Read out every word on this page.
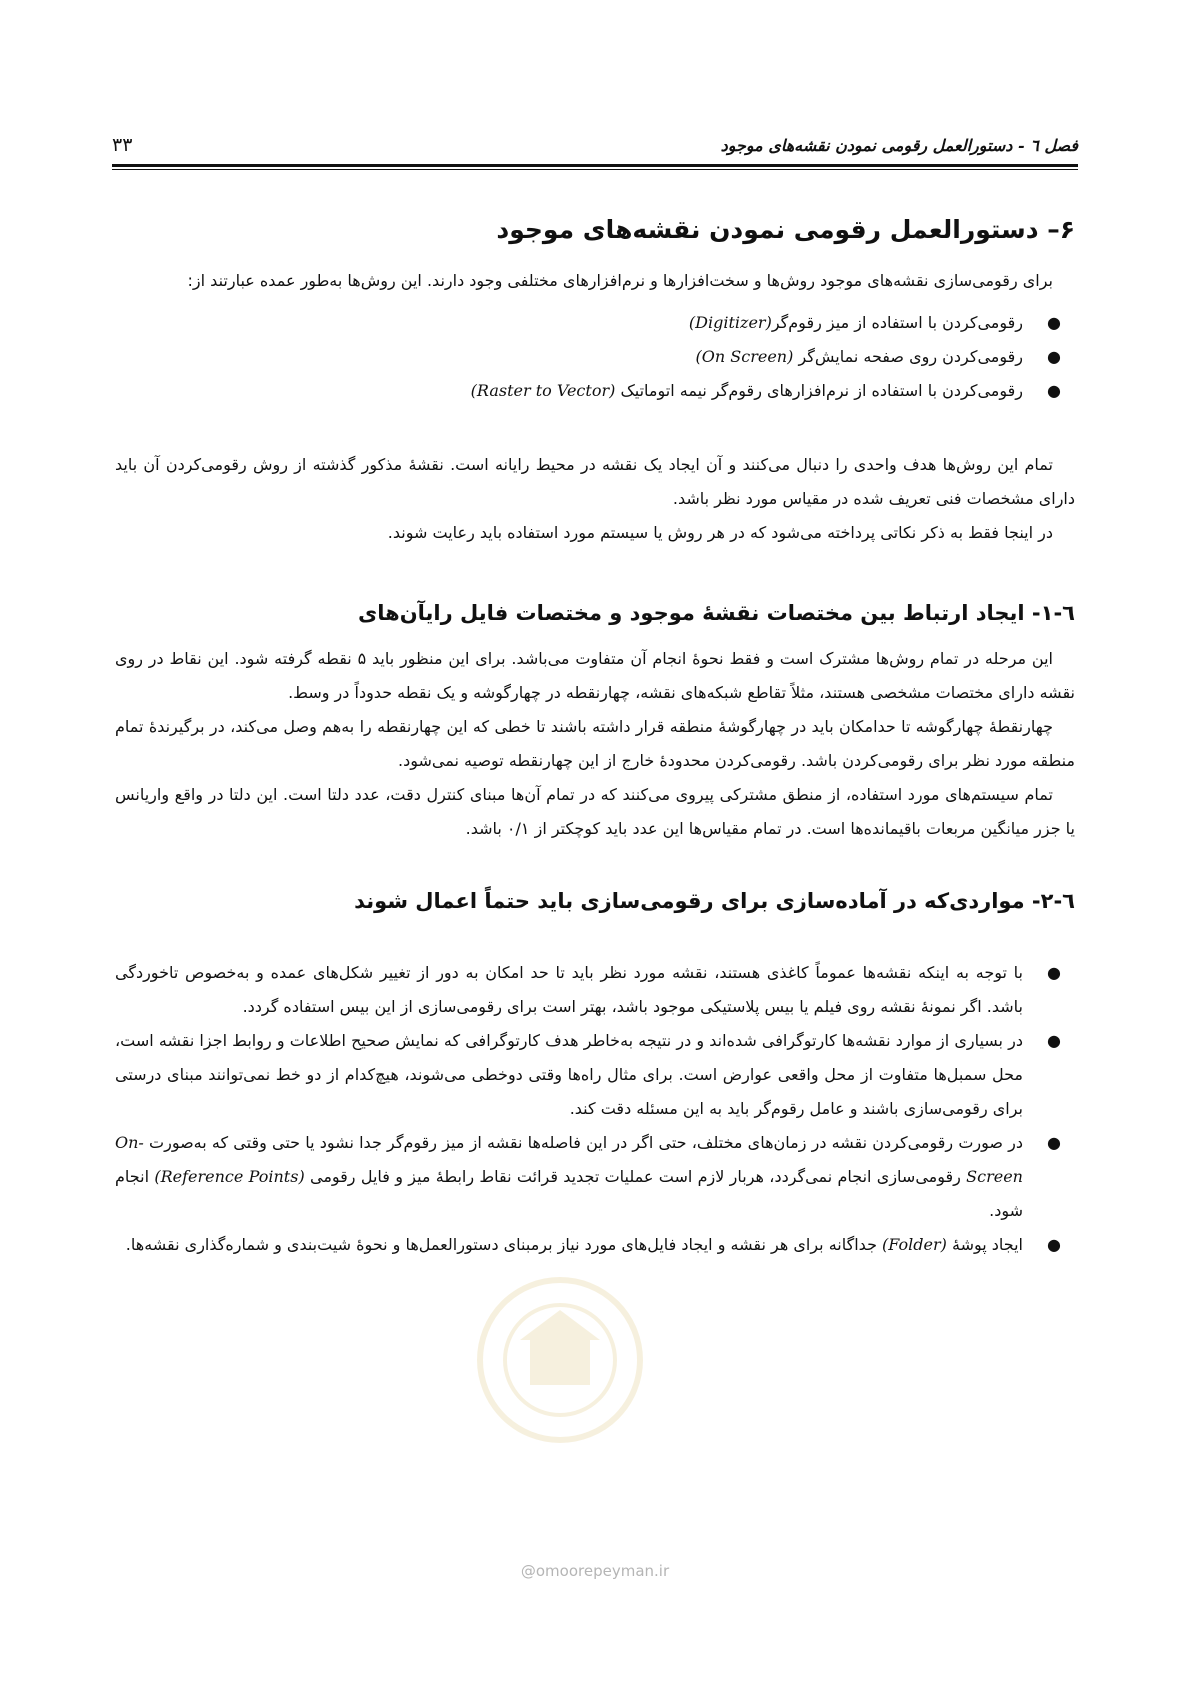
فصل ٦ - دستورالعمل رقومی نمودن نقشه‌های موجود
۳۳
۶– دستورالعمل رقومی نمودن نقشه‌های موجود

برای رقومی‌سازی نقشه‌های موجود روش‌ها و سخت‌افزارها و نرم‌افزارهای مختلفی وجود دارند. این روش‌ها به‌طور عمده عبارتند از:

●
رقومی‌کردن با استفاده از میز رقوم‌گر(Digitizer)
●
رقومی‌کردن روی صفحه نمایش‌گر (On Screen)
●
رقومی‌کردن با استفاده از نرم‌افزارهای رقوم‌گر نیمه اتوماتیک (Raster to Vector)

تمام این روش‌ها هدف واحدی را دنبال می‌کنند و آن ایجاد یک نقشه در محیط رایانه است. نقشهٔ مذکور گذشته از روش رقومی‌کردن آن باید دارای مشخصات فنی تعریف شده در مقیاس مورد نظر باشد.

در اینجا فقط به ذکر نکاتی پرداخته می‌شود که در هر روش یا سیستم مورد استفاده باید رعایت شوند.

٦-١- ایجاد ارتباط بین مختصات نقشهٔ موجود و مختصات فایل رایآن‌های

این مرحله در تمام روش‌ها مشترک است و فقط نحوهٔ انجام آن متفاوت می‌باشد. برای این منظور باید ۵ نقطه گرفته شود. این نقاط در روی نقشه دارای مختصات مشخصی هستند، مثلاً تقاطع شبکه‌های نقشه، چهارنقطه در چهارگوشه و یک نقطه حدوداً در وسط.

چهارنقطهٔ چهارگوشه تا حدامکان باید در چهارگوشهٔ منطقه قرار داشته باشند تا خطی که این چهارنقطه را به‌هم وصل می‌کند، در برگیرندهٔ تمام منطقه مورد نظر برای رقومی‌کردن باشد. رقومی‌کردن محدودهٔ خارج از این چهارنقطه توصیه نمی‌شود.

تمام سیستم‌های مورد استفاده، از منطق مشترکی پیروی می‌کنند که در تمام آن‌ها مبنای کنترل دقت، عدد دلتا است. این دلتا در واقع واریانس یا جزر میانگین مربعات باقیمانده‌ها است. در تمام مقیاس‌ها این عدد باید کوچکتر از ۰/۱ باشد.

٦-٢- مواردی‌که در آماده‌سازی برای رقومی‌سازی باید حتماً اعمال شوند
●
با توجه به اینکه نقشه‌ها عموماً کاغذی هستند، نقشه مورد نظر باید تا حد امکان به دور از تغییر شکل‌های عمده و به‌خصوص تاخوردگی باشد. اگر نمونهٔ نقشه روی فیلم یا بیس پلاستیکی موجود باشد، بهتر است برای رقومی‌سازی از این بیس استفاده گردد.
●
در بسیاری از موارد نقشه‌ها کارتوگرافی شده‌اند و در نتیجه به‌خاطر هدف کارتوگرافی که نمایش صحیح اطلاعات و روابط اجزا نقشه است، محل سمبل‌ها متفاوت از محل واقعی عوارض است. برای مثال راه‌ها وقتی دوخطی می‌شوند، هیچ‌کدام از دو خط نمی‌توانند مبنای درستی برای رقومی‌سازی باشند و عامل رقوم‌گر باید به این مسئله دقت کند.
●
در صورت رقومی‌کردن نقشه در زمان‌های مختلف، حتی اگر در این فاصله‌ها نقشه از میز رقوم‌گر جدا نشود یا حتی وقتی که به‌صورت On-Screen رقومی‌سازی انجام نمی‌گردد، هربار لازم است عملیات تجدید قرائت نقاط رابطهٔ میز و فایل رقومی (Reference Points) انجام شود.
●
ایجاد پوشهٔ (Folder) جداگانه برای هر نقشه و ایجاد فایل‌های مورد نیاز برمبنای دستورالعمل‌ها و نحوهٔ شیت‌بندی و شماره‌گذاری نقشه‌ها.
@omoorepeyman.ir
